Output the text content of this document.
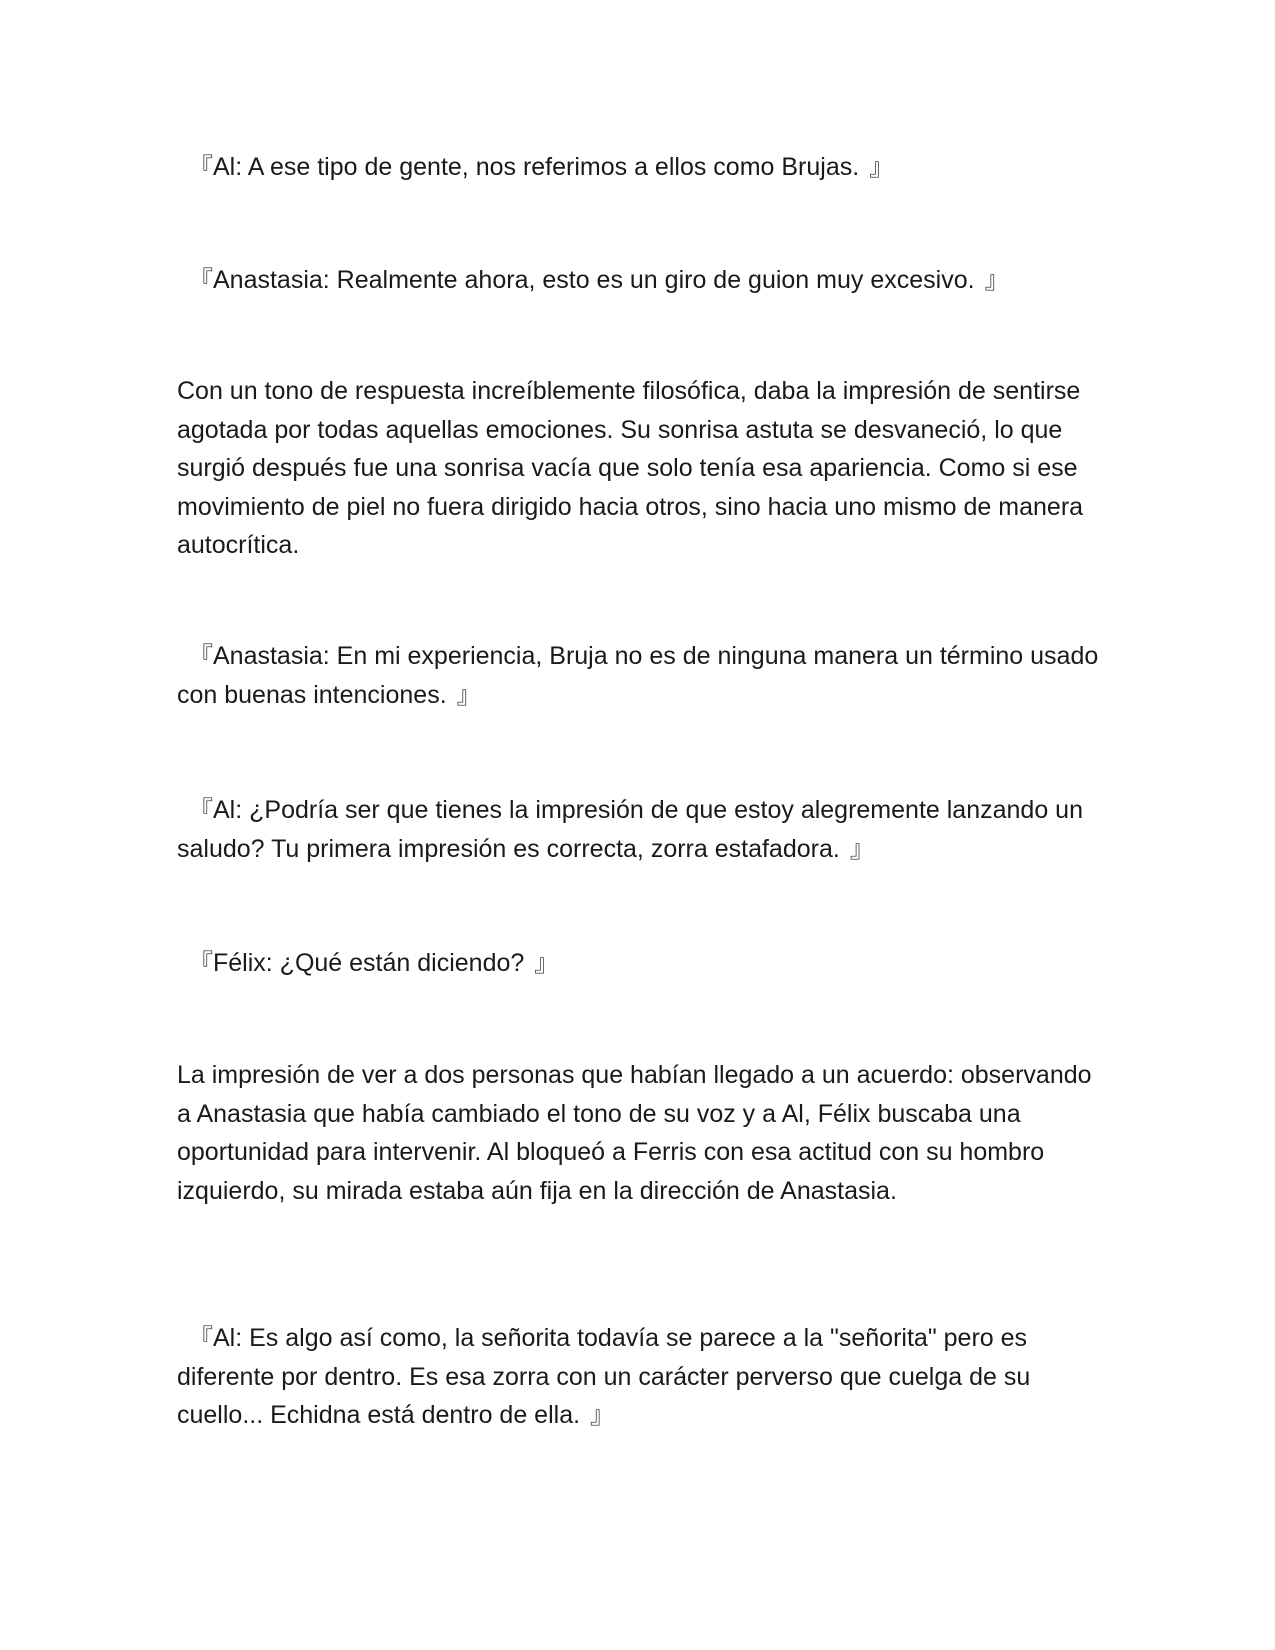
『Al: A ese tipo de gente, nos referimos a ellos como Brujas. 』

『Anastasia: Realmente ahora, esto es un giro de guion muy excesivo. 』

Con un tono de respuesta increíblemente filosófica, daba la impresión de sentirse agotada por todas aquellas emociones. Su sonrisa astuta se desvaneció, lo que surgió después fue una sonrisa vacía que solo tenía esa apariencia. Como si ese movimiento de piel no fuera dirigido hacia otros, sino hacia uno mismo de manera autocrítica.

『Anastasia: En mi experiencia, Bruja no es de ninguna manera un término usado con buenas intenciones. 』

『Al: ¿Podría ser que tienes la impresión de que estoy alegremente lanzando un saludo? Tu primera impresión es correcta, zorra estafadora. 』

『Félix: ¿Qué están diciendo? 』

La impresión de ver a dos personas que habían llegado a un acuerdo: observando a Anastasia que había cambiado el tono de su voz y a Al, Félix buscaba una oportunidad para intervenir. Al bloqueó a Ferris con esa actitud con su hombro izquierdo, su mirada estaba aún fija en la dirección de Anastasia.

『Al: Es algo así como, la señorita todavía se parece a la "señorita" pero es diferente por dentro. Es esa zorra con un carácter perverso que cuelga de su cuello... Echidna está dentro de ella. 』
